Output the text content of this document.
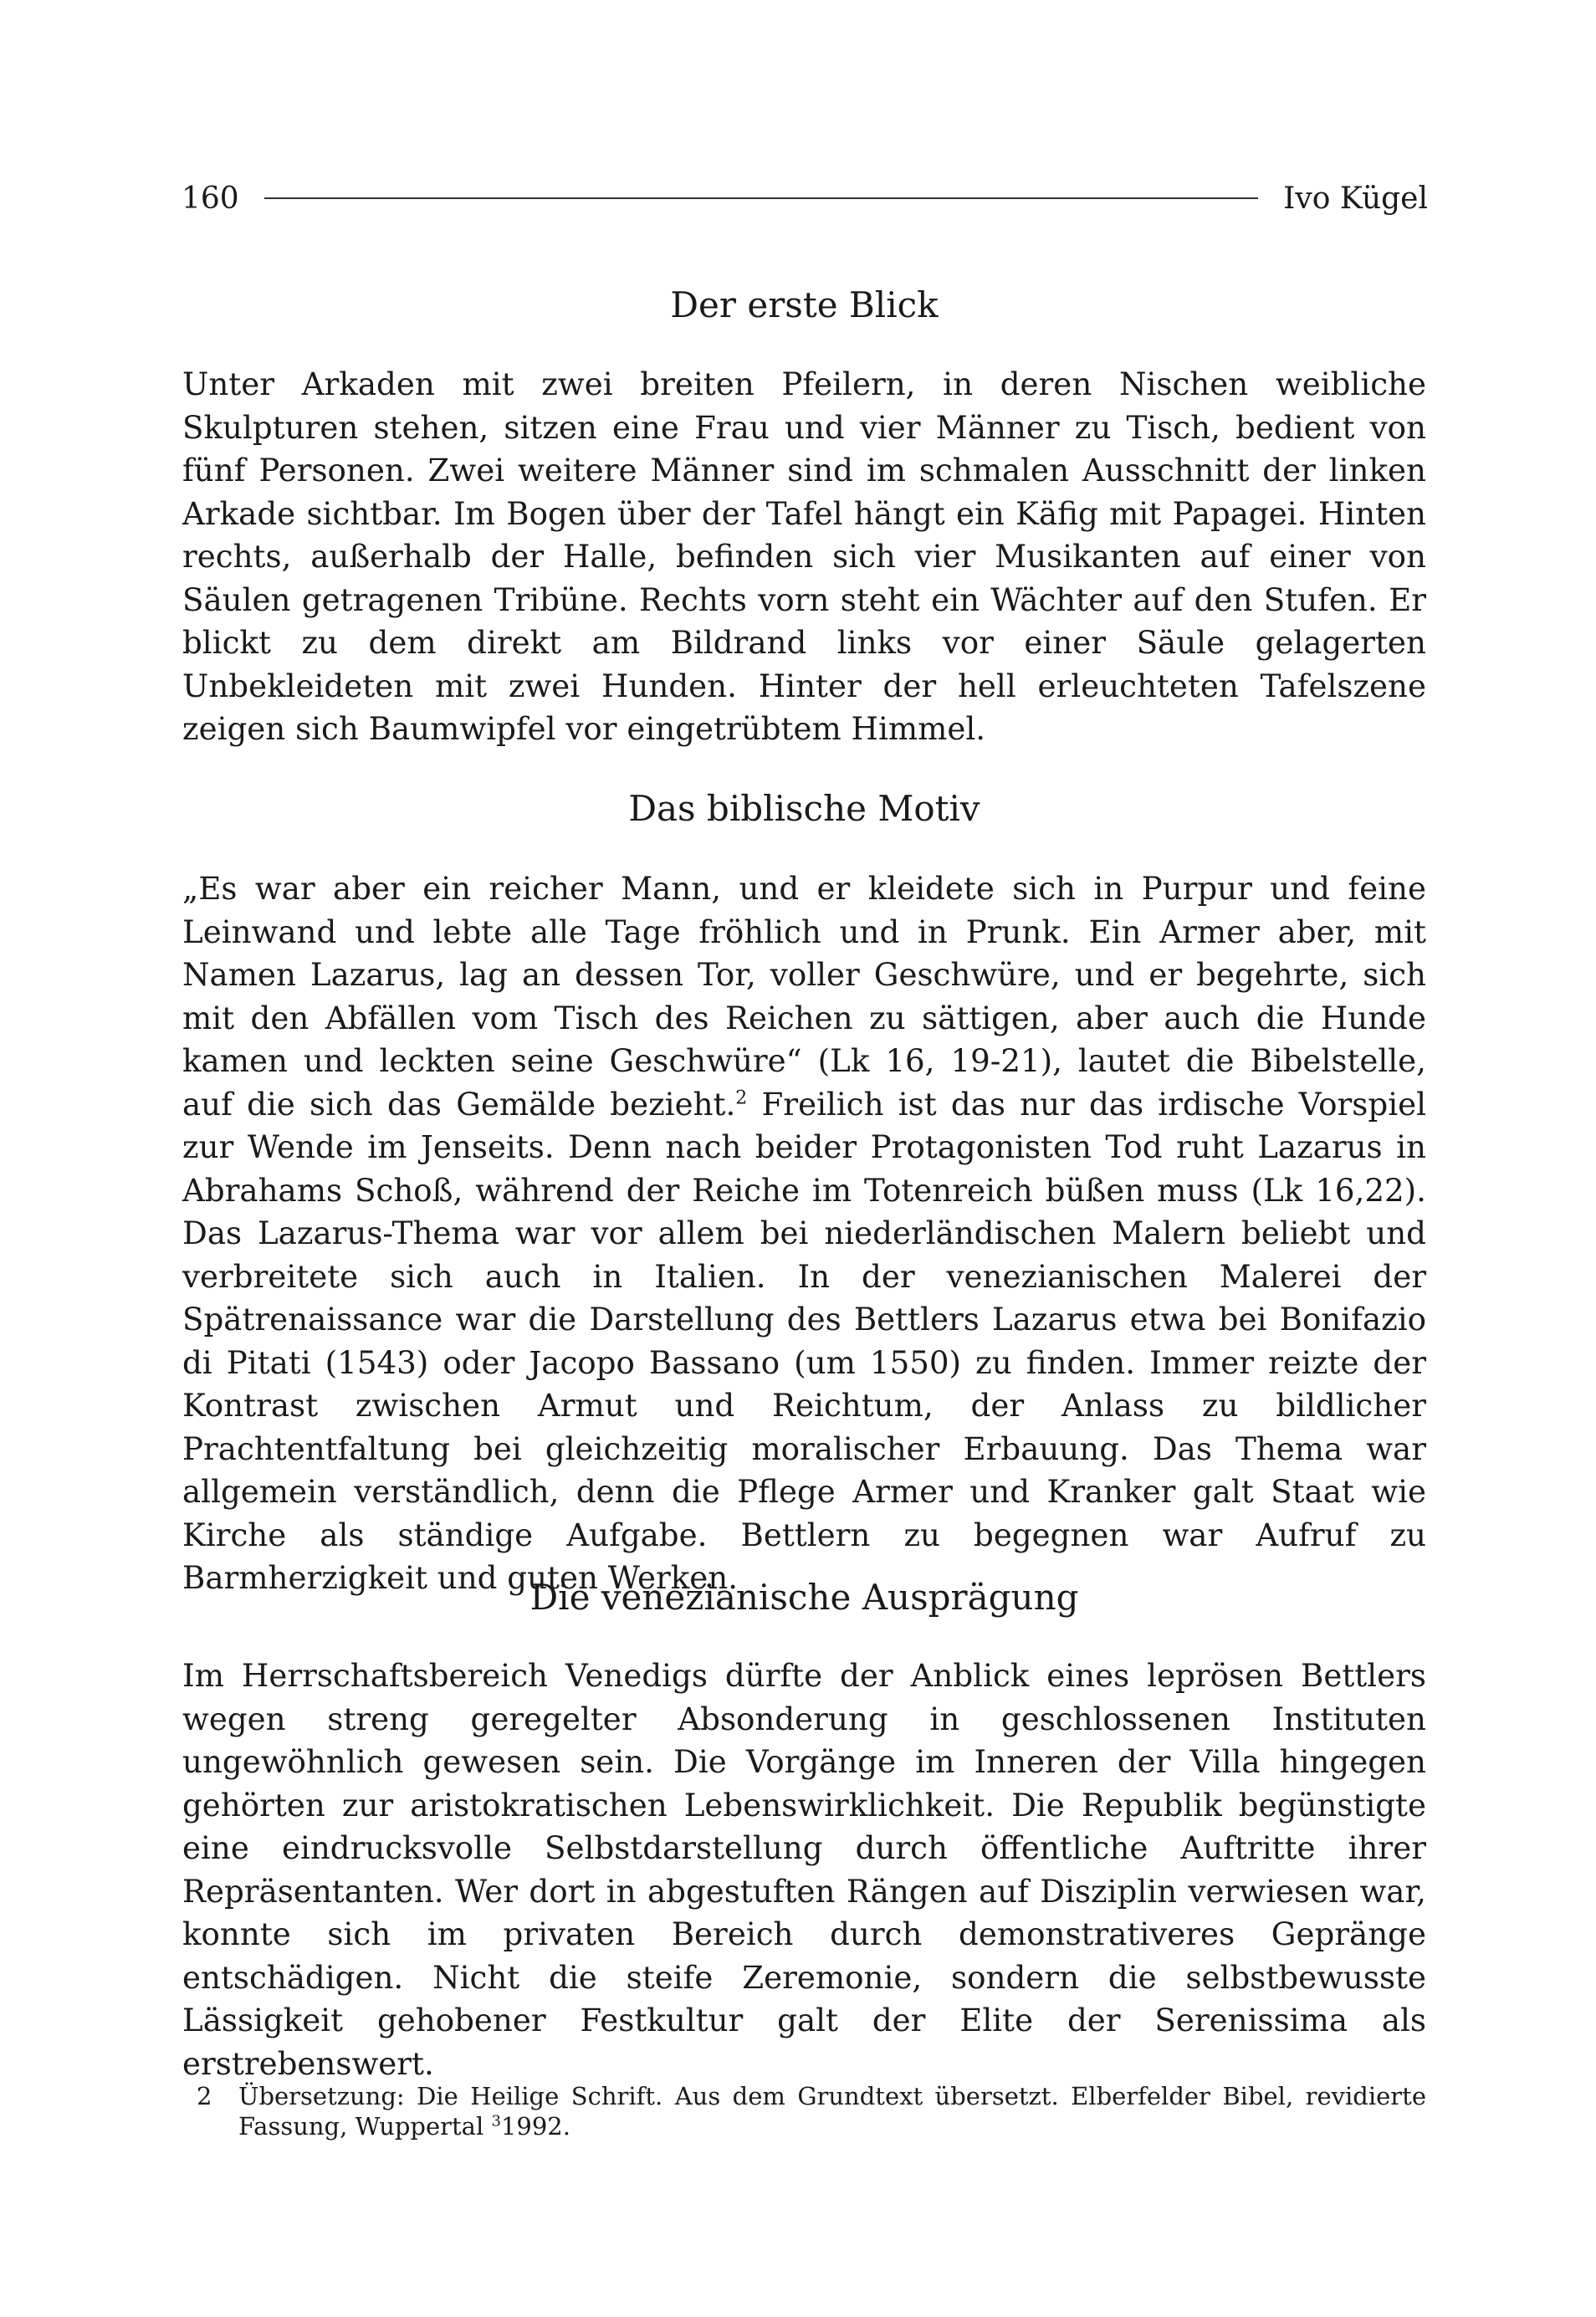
160	Ivo Kügel
Der erste Blick

Unter Arkaden mit zwei breiten Pfeilern, in deren Nischen weibliche Skulpturen stehen, sitzen eine Frau und vier Männer zu Tisch, bedient von fünf Personen. Zwei weitere Männer sind im schmalen Ausschnitt der linken Arkade sichtbar. Im Bogen über der Tafel hängt ein Käfig mit Papagei. Hinten rechts, außerhalb der Halle, befinden sich vier Musikanten auf einer von Säulen getragenen Tribüne. Rechts vorn steht ein Wächter auf den Stufen. Er blickt zu dem direkt am Bildrand links vor einer Säule gelagerten Unbekleideten mit zwei Hunden. Hinter der hell erleuchteten Tafelszene zeigen sich Baumwipfel vor eingetrübtem Himmel.

Das biblische Motiv

„Es war aber ein reicher Mann, und er kleidete sich in Purpur und feine Leinwand und lebte alle Tage fröhlich und in Prunk. Ein Armer aber, mit Namen Lazarus, lag an dessen Tor, voller Geschwüre, und er begehrte, sich mit den Abfällen vom Tisch des Reichen zu sättigen, aber auch die Hunde kamen und leckten seine Geschwüre“ (Lk 16, 19-21), lautet die Bibelstelle, auf die sich das Gemälde bezieht.$^2$ Freilich ist das nur das irdische Vorspiel zur Wende im Jenseits. Denn nach beider Protagonisten Tod ruht Lazarus in Abrahams Schoß, während der Reiche im Totenreich büßen muss (Lk 16,22). Das Lazarus-Thema war vor allem bei niederländischen Malern beliebt und verbreitete sich auch in Italien. In der venezianischen Malerei der Spätrenaissance war die Darstellung des Bettlers Lazarus etwa bei Bonifazio di Pitati (1543) oder Jacopo Bassano (um 1550) zu finden. Immer reizte der Kontrast zwischen Armut und Reichtum, der Anlass zu bildlicher Prachtentfaltung bei gleichzeitig moralischer Erbauung. Das Thema war allgemein verständlich, denn die Pflege Armer und Kranker galt Staat wie Kirche als ständige Aufgabe. Bettlern zu begegnen war Aufruf zu Barmherzigkeit und guten Werken.

Die venezianische Ausprägung

Im Herrschaftsbereich Venedigs dürfte der Anblick eines leprösen Bettlers wegen streng geregelter Absonderung in geschlossenen Instituten ungewöhnlich gewesen sein. Die Vorgänge im Inneren der Villa hingegen gehörten zur aristokratischen Lebenswirklichkeit. Die Republik begünstigte eine eindrucksvolle Selbstdarstellung durch öffentliche Auftritte ihrer Repräsentanten. Wer dort in abgestuften Rängen auf Disziplin verwiesen war, konnte sich im privaten Bereich durch demonstrativeres Gepränge entschädigen. Nicht die steife Zeremonie, sondern die selbstbewusste Lässigkeit gehobener Festkultur galt der Elite der Serenissima als erstrebenswert.

2	Übersetzung: Die Heilige Schrift. Aus dem Grundtext übersetzt. Elberfelder Bibel, revidierte Fassung, Wuppertal $^3$1992.
